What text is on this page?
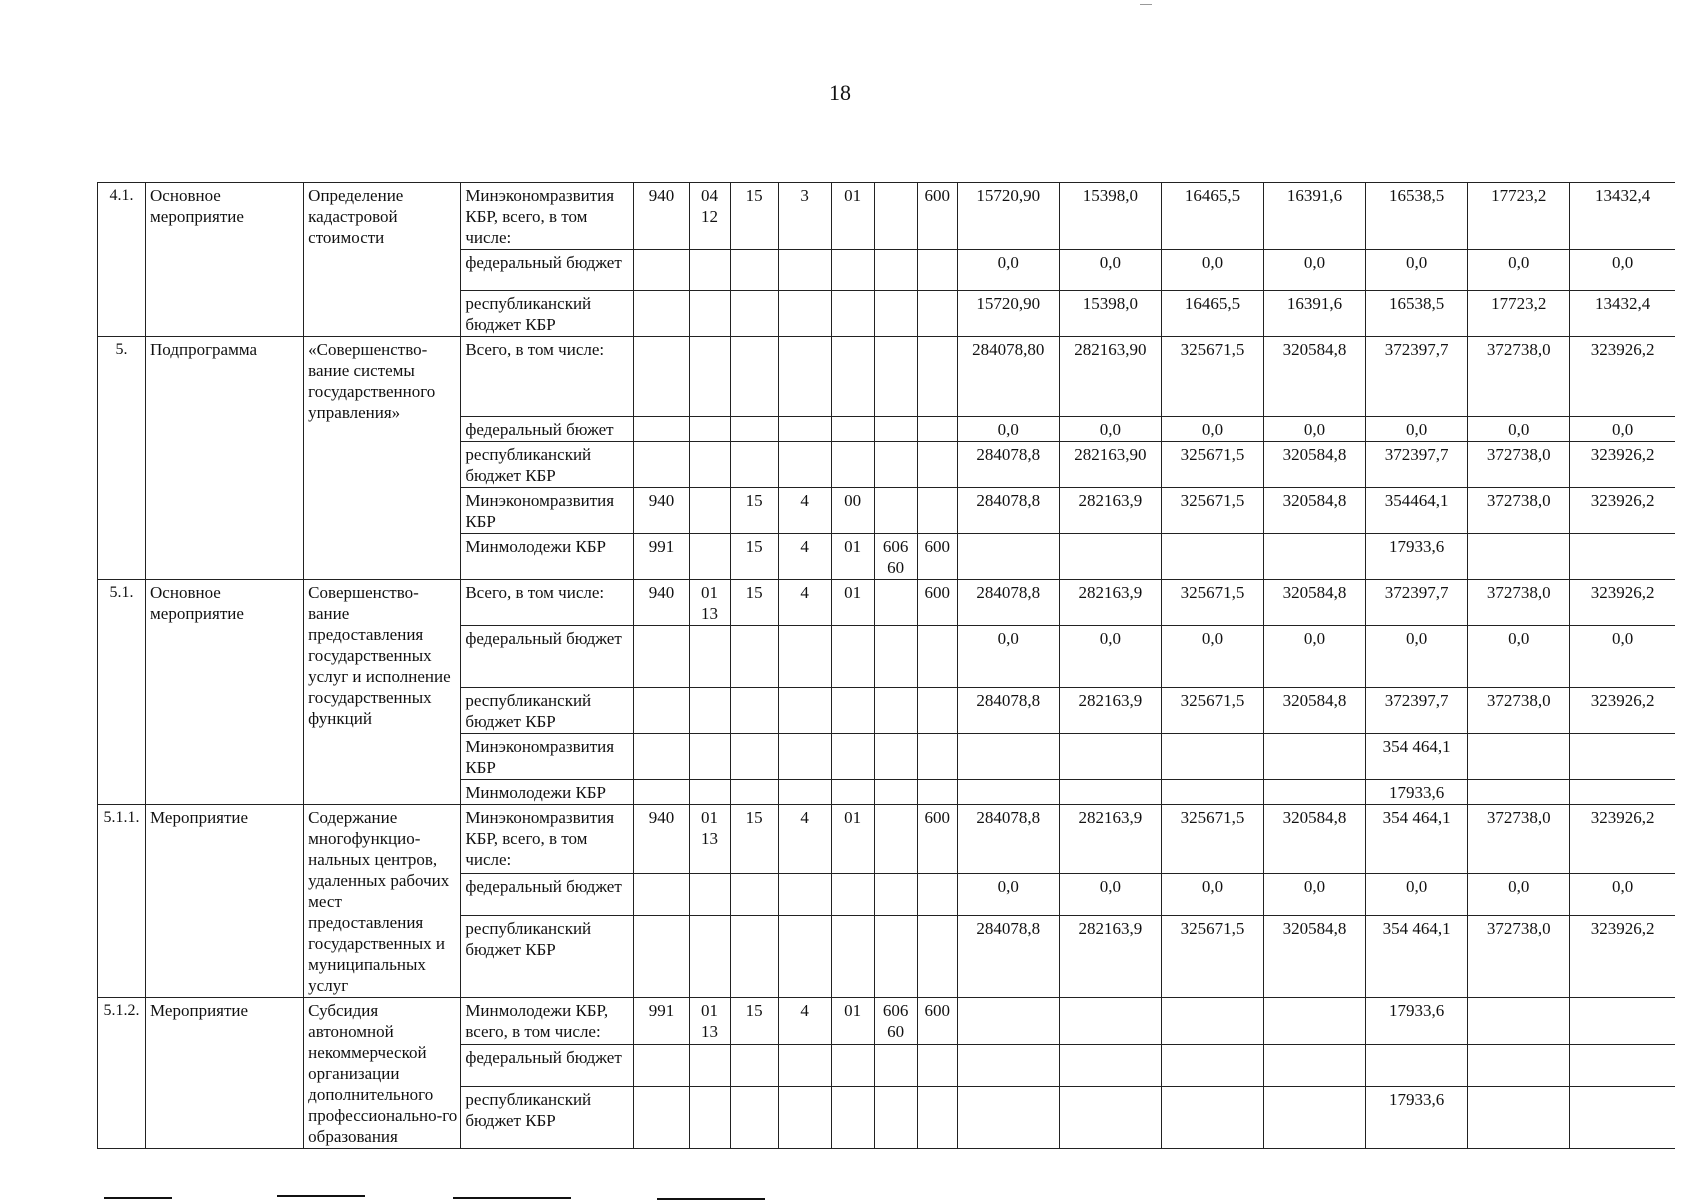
18
4.1.	Основное мероприятие	Определение кадастровой стоимости	Минэкономразвития КБР, всего, в том числе:	940	04 12	15	3	01		600	15720,90	15398,0	16465,5	16391,6	16538,5	17723,2	13432,4
			федеральный бюджет								0,0	0,0	0,0	0,0	0,0	0,0	0,0
			республиканский бюджет КБР								15720,90	15398,0	16465,5	16391,6	16538,5	17723,2	13432,4
5.	Подпрограмма	«Совершенство-вание системы государственного управления»	Всего, в том числе:								284078,80	282163,90	325671,5	320584,8	372397,7	372738,0	323926,2
			федеральный бюжет								0,0	0,0	0,0	0,0	0,0	0,0	0,0
			республиканский бюджет КБР								284078,8	282163,90	325671,5	320584,8	372397,7	372738,0	323926,2
			Минэкономразвития КБР	940		15	4	00			284078,8	282163,9	325671,5	320584,8	354464,1	372738,0	323926,2
			Минмолодежи КБР	991		15	4	01	606 60	600					17933,6		
5.1.	Основное мероприятие	Совершенство-вание предоставления государственных услуг и исполнение государственных функций	Всего, в том числе:	940	01 13	15	4	01		600	284078,8	282163,9	325671,5	320584,8	372397,7	372738,0	323926,2
			федеральный бюджет								0,0	0,0	0,0	0,0	0,0	0,0	0,0
			республиканский бюджет КБР								284078,8	282163,9	325671,5	320584,8	372397,7	372738,0	323926,2
			Минэкономразвития КБР												354 464,1		
			Минмолодежи КБР												17933,6		
5.1.1.	Мероприятие	Содержание многофункцио-нальных центров, удаленных рабочих мест предоставления государственных и муниципальных услуг	Минэкономразвития КБР, всего, в том числе:	940	01 13	15	4	01		600	284078,8	282163,9	325671,5	320584,8	354 464,1	372738,0	323926,2
			федеральный бюджет								0,0	0,0	0,0	0,0	0,0	0,0	0,0
			республиканский бюджет КБР								284078,8	282163,9	325671,5	320584,8	354 464,1	372738,0	323926,2
5.1.2.	Мероприятие	Субсидия автономной некоммерческой организации дополнительного профессионально-го образования	Минмолодежи КБР, всего, в том числе:	991	01 13	15	4	01	606 60	600					17933,6		
			федеральный бюджет														
			республиканский бюджет КБР												17933,6		
